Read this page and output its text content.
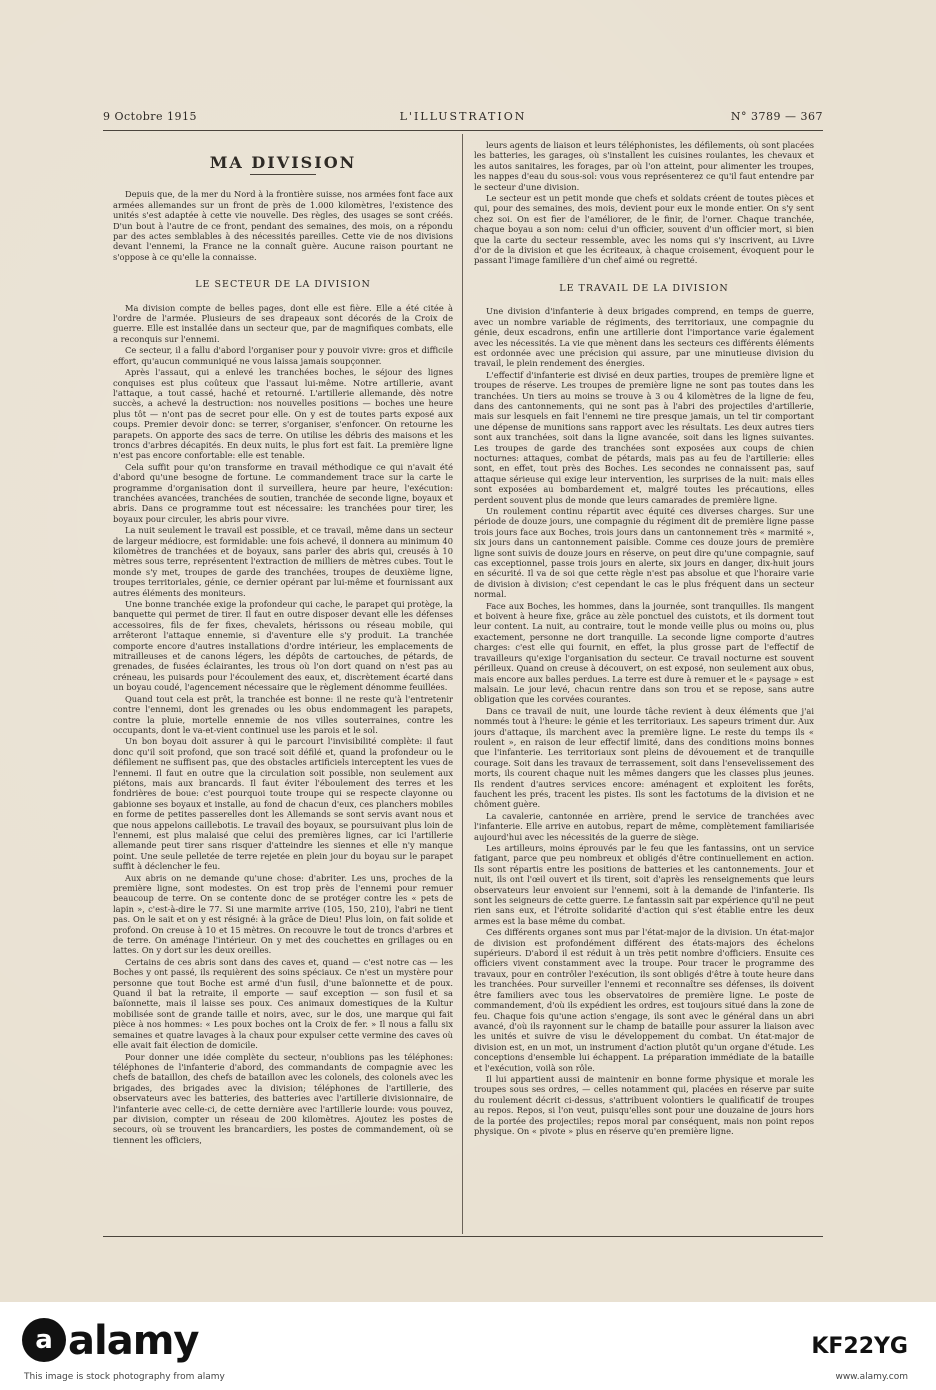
9 Octobre 1915	L'ILLUSTRATION	N° 3789 — 367
MA DIVISION

Depuis que, de la mer du Nord à la frontière suisse, nos armées font face aux armées allemandes sur un front de près de 1.000 kilomètres, l'existence des unités s'est adaptée à cette vie nouvelle. Des règles, des usages se sont créés. D'un bout à l'autre de ce front, pendant des semaines, des mois, on a répondu par des actes semblables à des nécessités pareilles. Cette vie de nos divisions devant l'ennemi, la France ne la connaît guère. Aucune raison pourtant ne s'oppose à ce qu'elle la connaisse.

LE SECTEUR DE LA DIVISION

Ma division compte de belles pages, dont elle est fière. Elle a été citée à l'ordre de l'armée. Plusieurs de ses drapeaux sont décorés de la Croix de guerre. Elle est installée dans un secteur que, par de magnifiques combats, elle a reconquis sur l'ennemi.

Ce secteur, il a fallu d'abord l'organiser pour y pouvoir vivre: gros et difficile effort, qu'aucun communiqué ne vous laissa jamais soupçonner.

Après l'assaut, qui a enlevé les tranchées boches, le séjour des lignes conquises est plus coûteux que l'assaut lui-même. Notre artillerie, avant l'attaque, a tout cassé, haché et retourné. L'artillerie allemande, dès notre succès, a achevé la destruction: nos nouvelles positions — boches une heure plus tôt — n'ont pas de secret pour elle. On y est de toutes parts exposé aux coups. Premier devoir donc: se terrer, s'organiser, s'enfoncer. On retourne les parapets. On apporte des sacs de terre. On utilise les débris des maisons et les troncs d'arbres décapités. En deux nuits, le plus fort est fait. La première ligne n'est pas encore confortable: elle est tenable.

Cela suffit pour qu'on transforme en travail méthodique ce qui n'avait été d'abord qu'une besogne de fortune. Le commandement trace sur la carte le programme d'organisation dont il surveillera, heure par heure, l'exécution: tranchées avancées, tranchées de soutien, tranchée de seconde ligne, boyaux et abris. Dans ce programme tout est nécessaire: les tranchées pour tirer, les boyaux pour circuler, les abris pour vivre.

La nuit seulement le travail est possible, et ce travail, même dans un secteur de largeur médiocre, est formidable: une fois achevé, il donnera au minimum 40 kilomètres de tranchées et de boyaux, sans parler des abris qui, creusés à 10 mètres sous terre, représentent l'extraction de milliers de mètres cubes. Tout le monde s'y met, troupes de garde des tranchées, troupes de deuxième ligne, troupes territoriales, génie, ce dernier opérant par lui-même et fournissant aux autres éléments des moniteurs.

Une bonne tranchée exige la profondeur qui cache, le parapet qui protège, la banquette qui permet de tirer. Il faut en outre disposer devant elle les défenses accessoires, fils de fer fixes, chevalets, hérissons ou réseau mobile, qui arrêteront l'attaque ennemie, si d'aventure elle s'y produit. La tranchée comporte encore d'autres installations d'ordre intérieur, les emplacements de mitrailleuses et de canons légers, les dépôts de cartouches, de pétards, de grenades, de fusées éclairantes, les trous où l'on dort quand on n'est pas au créneau, les puisards pour l'écoulement des eaux, et, discrètement écarté dans un boyau coudé, l'agencement nécessaire que le règlement dénomme feuillées.

Quand tout cela est prêt, la tranchée est bonne: il ne reste qu'à l'entretenir contre l'ennemi, dont les grenades ou les obus endommagent les parapets, contre la pluie, mortelle ennemie de nos villes souterraines, contre les occupants, dont le va-et-vient continuel use les parois et le sol.

Un bon boyau doit assurer à qui le parcourt l'invisibilité complète: il faut donc qu'il soit profond, que son tracé soit défilé et, quand la profondeur ou le défilement ne suffisent pas, que des obstacles artificiels interceptent les vues de l'ennemi. Il faut en outre que la circulation soit possible, non seulement aux piétons, mais aux brancards. Il faut éviter l'éboulement des terres et les fondrières de boue: c'est pourquoi toute troupe qui se respecte clayonne ou gabionne ses boyaux et installe, au fond de chacun d'eux, ces planchers mobiles en forme de petites passerelles dont les Allemands se sont servis avant nous et que nous appelons caillebotis. Le travail des boyaux, se poursuivant plus loin de l'ennemi, est plus malaisé que celui des premières lignes, car ici l'artillerie allemande peut tirer sans risquer d'atteindre les siennes et elle n'y manque point. Une seule pelletée de terre rejetée en plein jour du boyau sur le parapet suffit à déclencher le feu.

Aux abris on ne demande qu'une chose: d'abriter. Les uns, proches de la première ligne, sont modestes. On est trop près de l'ennemi pour remuer beaucoup de terre. On se contente donc de se protéger contre les « pets de lapin », c'est-à-dire le 77. Si une marmite arrive (105, 150, 210), l'abri ne tient pas. On le sait et on y est résigné: à la grâce de Dieu! Plus loin, on fait solide et profond. On creuse à 10 et 15 mètres. On recouvre le tout de troncs d'arbres et de terre. On aménage l'intérieur. On y met des couchettes en grillages ou en lattes. On y dort sur les deux oreilles.

Certains de ces abris sont dans des caves et, quand — c'est notre cas — les Boches y ont passé, ils requièrent des soins spéciaux. Ce n'est un mystère pour personne que tout Boche est armé d'un fusil, d'une baïonnette et de poux. Quand il bat la retraite, il emporte — sauf exception — son fusil et sa baïonnette, mais il laisse ses poux. Ces animaux domestiques de la Kultur mobilisée sont de grande taille et noirs, avec, sur le dos, une marque qui fait pièce à nos hommes: « Les poux boches ont la Croix de fer. » Il nous a fallu six semaines et quatre lavages à la chaux pour expulser cette vermine des caves où elle avait fait élection de domicile.

Pour donner une idée complète du secteur, n'oublions pas les téléphones: téléphones de l'infanterie d'abord, des commandants de compagnie avec les chefs de bataillon, des chefs de bataillon avec les colonels, des colonels avec les brigades, des brigades avec la division; téléphones de l'artillerie, des observateurs avec les batteries, des batteries avec l'artillerie divisionnaire, de l'infanterie avec celle-ci, de cette dernière avec l'artillerie lourde: vous pouvez, par division, compter un réseau de 200 kilomètres. Ajoutez les postes de secours, où se trouvent les brancardiers, les postes de commandement, où se tiennent les officiers,

leurs agents de liaison et leurs téléphonistes, les défilements, où sont placées les batteries, les garages, où s'installent les cuisines roulantes, les chevaux et les autos sanitaires, les forages, par où l'on atteint, pour alimenter les troupes, les nappes d'eau du sous-sol: vous vous représenterez ce qu'il faut entendre par le secteur d'une division.

Le secteur est un petit monde que chefs et soldats créent de toutes pièces et qui, pour des semaines, des mois, devient pour eux le monde entier. On s'y sent chez soi. On est fier de l'améliorer, de le finir, de l'orner. Chaque tranchée, chaque boyau a son nom: celui d'un officier, souvent d'un officier mort, si bien que la carte du secteur ressemble, avec les noms qui s'y inscrivent, au Livre d'or de la division et que les écriteaux, à chaque croisement, évoquent pour le passant l'image familière d'un chef aimé ou regretté.

LE TRAVAIL DE LA DIVISION

Une division d'infanterie à deux brigades comprend, en temps de guerre, avec un nombre variable de régiments, des territoriaux, une compagnie du génie, deux escadrons, enfin une artillerie dont l'importance varie également avec les nécessités. La vie que mènent dans les secteurs ces différents éléments est ordonnée avec une précision qui assure, par une minutieuse division du travail, le plein rendement des énergies.

L'effectif d'infanterie est divisé en deux parties, troupes de première ligne et troupes de réserve. Les troupes de première ligne ne sont pas toutes dans les tranchées. Un tiers au moins se trouve à 3 ou 4 kilomètres de la ligne de feu, dans des cantonnements, qui ne sont pas à l'abri des projectiles d'artillerie, mais sur lesquels en fait l'ennemi ne tire presque jamais, un tel tir comportant une dépense de munitions sans rapport avec les résultats. Les deux autres tiers sont aux tranchées, soit dans la ligne avancée, soit dans les lignes suivantes. Les troupes de garde des tranchées sont exposées aux coups de chien nocturnes: attaques, combat de pétards, mais pas au feu de l'artillerie: elles sont, en effet, tout près des Boches. Les secondes ne connaissent pas, sauf attaque sérieuse qui exige leur intervention, les surprises de la nuit: mais elles sont exposées au bombardement et, malgré toutes les précautions, elles perdent souvent plus de monde que leurs camarades de première ligne.

Un roulement continu répartit avec équité ces diverses charges. Sur une période de douze jours, une compagnie du régiment dit de première ligne passe trois jours face aux Boches, trois jours dans un cantonnement très « marmité », six jours dans un cantonnement paisible. Comme ces douze jours de première ligne sont suivis de douze jours en réserve, on peut dire qu'une compagnie, sauf cas exceptionnel, passe trois jours en alerte, six jours en danger, dix-huit jours en sécurité. Il va de soi que cette règle n'est pas absolue et que l'horaire varie de division à division; c'est cependant le cas le plus fréquent dans un secteur normal.

Face aux Boches, les hommes, dans la journée, sont tranquilles. Ils mangent et boivent à heure fixe, grâce au zèle ponctuel des cuistots, et ils dorment tout leur content. La nuit, au contraire, tout le monde veille plus ou moins ou, plus exactement, personne ne dort tranquille. La seconde ligne comporte d'autres charges: c'est elle qui fournit, en effet, la plus grosse part de l'effectif de travailleurs qu'exige l'organisation du secteur. Ce travail nocturne est souvent périlleux. Quand on creuse à découvert, on est exposé, non seulement aux obus, mais encore aux balles perdues. La terre est dure à remuer et le « paysage » est malsain. Le jour levé, chacun rentre dans son trou et se repose, sans autre obligation que les corvées courantes.

Dans ce travail de nuit, une lourde tâche revient à deux éléments que j'ai nommés tout à l'heure: le génie et les territoriaux. Les sapeurs triment dur. Aux jours d'attaque, ils marchent avec la première ligne. Le reste du temps ils « roulent », en raison de leur effectif limité, dans des conditions moins bonnes que l'infanterie. Les territoriaux sont pleins de dévouement et de tranquille courage. Soit dans les travaux de terrassement, soit dans l'ensevelissement des morts, ils courent chaque nuit les mêmes dangers que les classes plus jeunes. Ils rendent d'autres services encore: aménagent et exploitent les forêts, fauchent les prés, tracent les pistes. Ils sont les factotums de la division et ne chôment guère.

La cavalerie, cantonnée en arrière, prend le service de tranchées avec l'infanterie. Elle arrive en autobus, repart de même, complètement familiarisée aujourd'hui avec les nécessités de la guerre de siège.

Les artilleurs, moins éprouvés par le feu que les fantassins, ont un service fatigant, parce que peu nombreux et obligés d'être continuellement en action. Ils sont répartis entre les positions de batteries et les cantonnements. Jour et nuit, ils ont l'œil ouvert et ils tirent, soit d'après les renseignements que leurs observateurs leur envoient sur l'ennemi, soit à la demande de l'infanterie. Ils sont les seigneurs de cette guerre. Le fantassin sait par expérience qu'il ne peut rien sans eux, et l'étroite solidarité d'action qui s'est établie entre les deux armes est la base même du combat.

Ces différents organes sont mus par l'état-major de la division. Un état-major de division est profondément différent des états-majors des échelons supérieurs. D'abord il est réduit à un très petit nombre d'officiers. Ensuite ces officiers vivent constamment avec la troupe. Pour tracer le programme des travaux, pour en contrôler l'exécution, ils sont obligés d'être à toute heure dans les tranchées. Pour surveiller l'ennemi et reconnaître ses défenses, ils doivent être familiers avec tous les observatoires de première ligne. Le poste de commandement, d'où ils expédient les ordres, est toujours situé dans la zone de feu. Chaque fois qu'une action s'engage, ils sont avec le général dans un abri avancé, d'où ils rayonnent sur le champ de bataille pour assurer la liaison avec les unités et suivre de visu le développement du combat. Un état-major de division est, en un mot, un instrument d'action plutôt qu'un organe d'étude. Les conceptions d'ensemble lui échappent. La préparation immédiate de la bataille et l'exécution, voilà son rôle.

Il lui appartient aussi de maintenir en bonne forme physique et morale les troupes sous ses ordres, — celles notamment qui, placées en réserve par suite du roulement décrit ci-dessus, s'attribuent volontiers le qualificatif de troupes au repos. Repos, si l'on veut, puisqu'elles sont pour une douzaine de jours hors de la portée des projectiles; repos moral par conséquent, mais non point repos physique. On « pivote » plus en réserve qu'en première ligne.

a alamy
This image is stock photography from alamy
KF22YG
www.alamy.com
